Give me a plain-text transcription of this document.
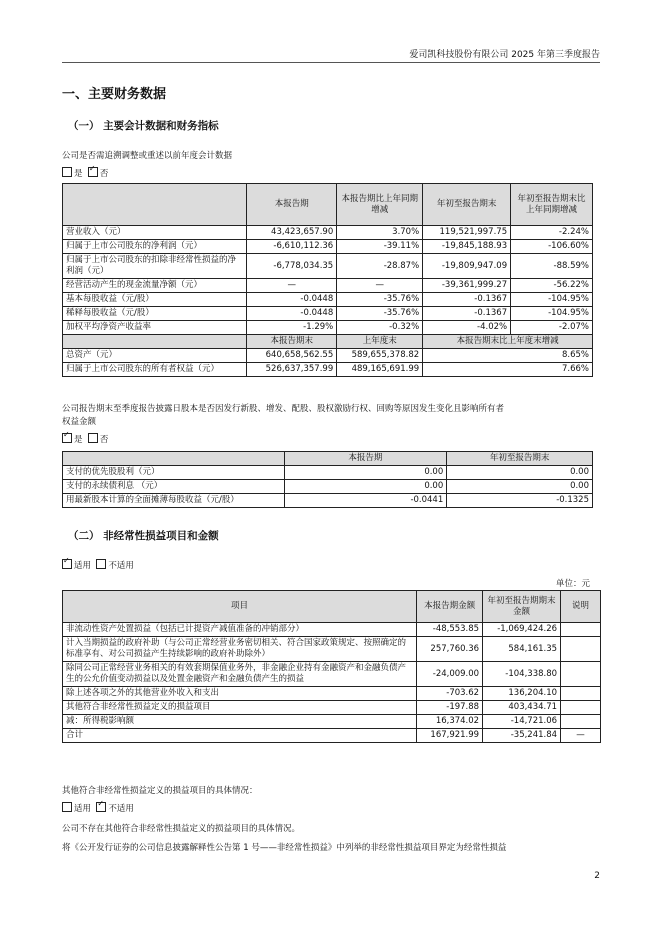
爱司凯科技股份有限公司 2025 年第三季度报告
一、主要财务数据
（一） 主要会计数据和财务指标
公司是否需追溯调整或重述以前年度会计数据
是 ✓ 否
	本报告期	本报告期比上年同期增减	年初至报告期末	年初至报告期末比上年同期增减
营业收入（元）	43,423,657.90	3.70%	119,521,997.75	-2.24%
归属于上市公司股东的净利润（元）	-6,610,112.36	-39.11%	-19,845,188.93	-106.60%
归属于上市公司股东的扣除非经常性损益的净利润（元）	-6,778,034.35	-28.87%	-19,809,947.09	-88.59%
经营活动产生的现金流量净额（元）	—	—	-39,361,999.27	-56.22%
基本每股收益（元/股）	-0.0448	-35.76%	-0.1367	-104.95%
稀释每股收益（元/股）	-0.0448	-35.76%	-0.1367	-104.95%
加权平均净资产收益率	-1.29%	-0.32%	-4.02%	-2.07%
	本报告期末	上年度末	本报告期末比上年度末增减	
总资产（元）	640,658,562.55	589,655,378.82	8.65%	
归属于上市公司股东的所有者权益（元）	526,637,357.99	489,165,691.99	7.66%	
公司报告期末至季度报告披露日股本是否因发行新股、增发、配股、股权激励行权、回购等原因发生变化且影响所有者
权益金额
✓是 否
	本报告期	年初至报告期末
支付的优先股股利（元）	0.00	0.00
支付的永续债利息 （元）	0.00	0.00
用最新股本计算的全面摊薄每股收益（元/股）	-0.0441	-0.1325
（二） 非经常性损益项目和金额
✓适用 不适用
单位：元
项目	本报告期金额	年初至报告期期末金额	说明
非流动性资产处置损益（包括已计提资产减值准备的冲销部分）	-48,553.85	-1,069,424.26	
计入当期损益的政府补助（与公司正常经营业务密切相关、符合国家政策规定、按照确定的标准享有、对公司损益产生持续影响的政府补助除外）	257,760.36	584,161.35	
除同公司正常经营业务相关的有效套期保值业务外，非金融企业持有金融资产和金融负债产生的公允价值变动损益以及处置金融资产和金融负债产生的损益	-24,009.00	-104,338.80	
除上述各项之外的其他营业外收入和支出	-703.62	136,204.10	
其他符合非经常性损益定义的损益项目	-197.88	403,434.71	
减：所得税影响额	16,374.02	-14,721.06	
合计	167,921.99	-35,241.84	—
其他符合非经常性损益定义的损益项目的具体情况：
适用 ✓ 不适用
公司不存在其他符合非经常性损益定义的损益项目的具体情况。
将《公开发行证券的公司信息披露解释性公告第 1 号——非经常性损益》中列举的非经常性损益项目界定为经常性损益
2
